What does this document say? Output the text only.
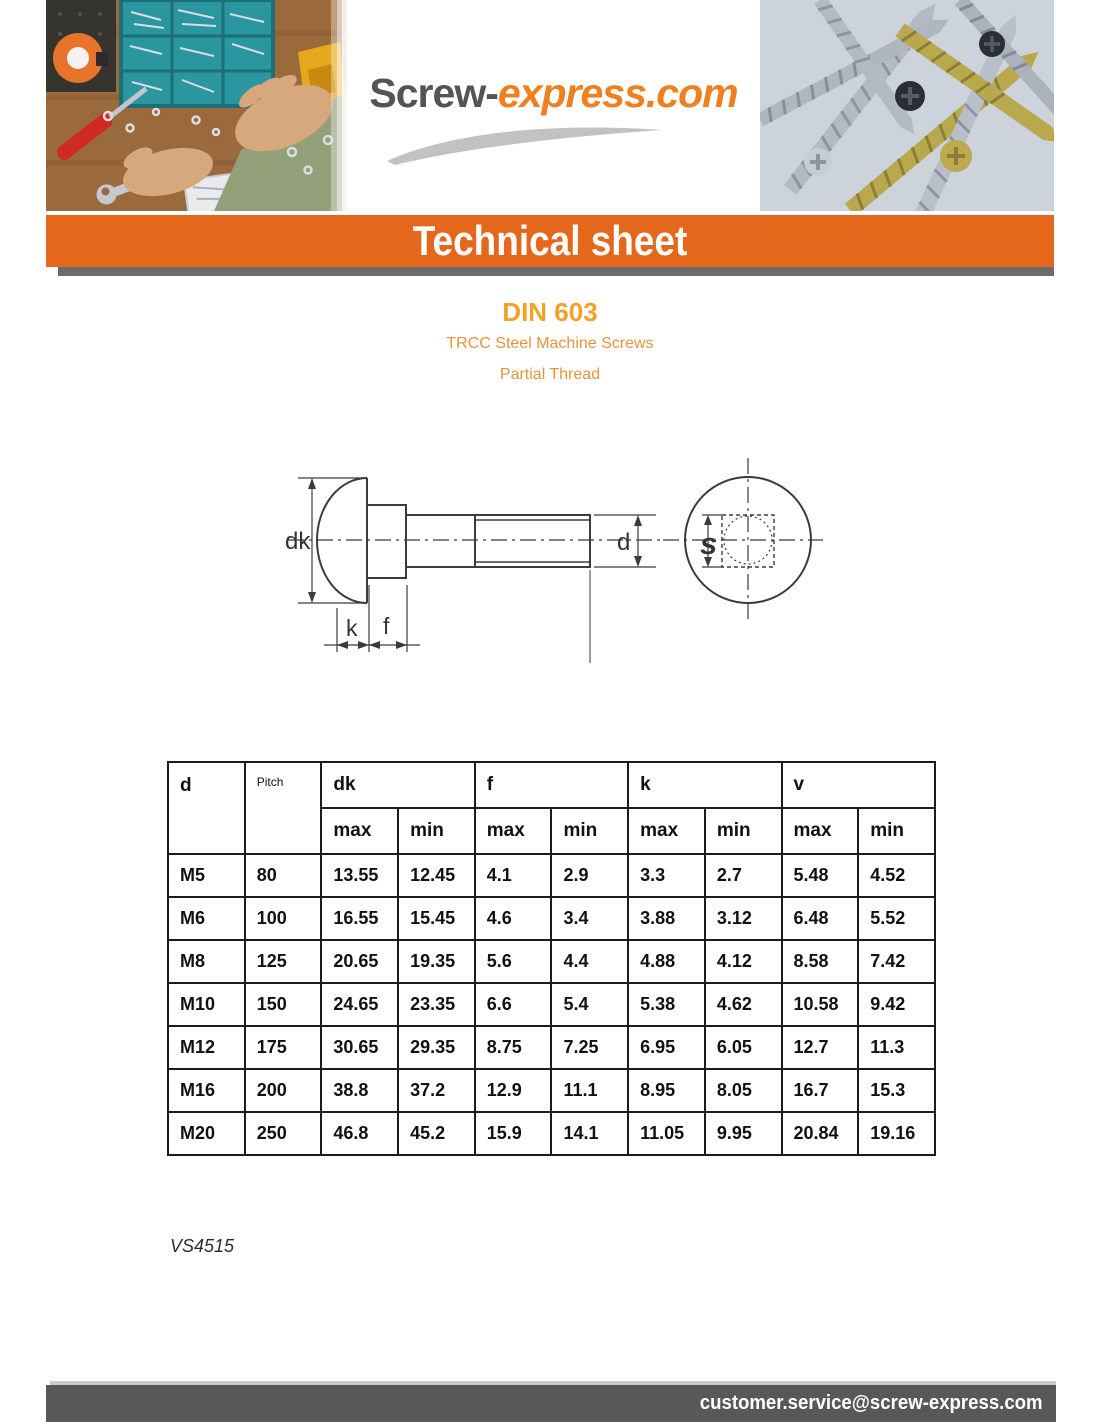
Screw-express.com
Technical sheet
DIN 603
TRCC Steel Machine Screws
Partial Thread
dk
k f
d s
d	Pitch	dk		f		k		v	
		max	min	max	min	max	min	max	min
M5	80	13.55	12.45	4.1	2.9	3.3	2.7	5.48	4.52
M6	100	16.55	15.45	4.6	3.4	3.88	3.12	6.48	5.52
M8	125	20.65	19.35	5.6	4.4	4.88	4.12	8.58	7.42
M10	150	24.65	23.35	6.6	5.4	5.38	4.62	10.58	9.42
M12	175	30.65	29.35	8.75	7.25	6.95	6.05	12.7	11.3
M16	200	38.8	37.2	12.9	11.1	8.95	8.05	16.7	15.3
M20	250	46.8	45.2	15.9	14.1	11.05	9.95	20.84	19.16
VS4515
customer.service@screw-express.com
